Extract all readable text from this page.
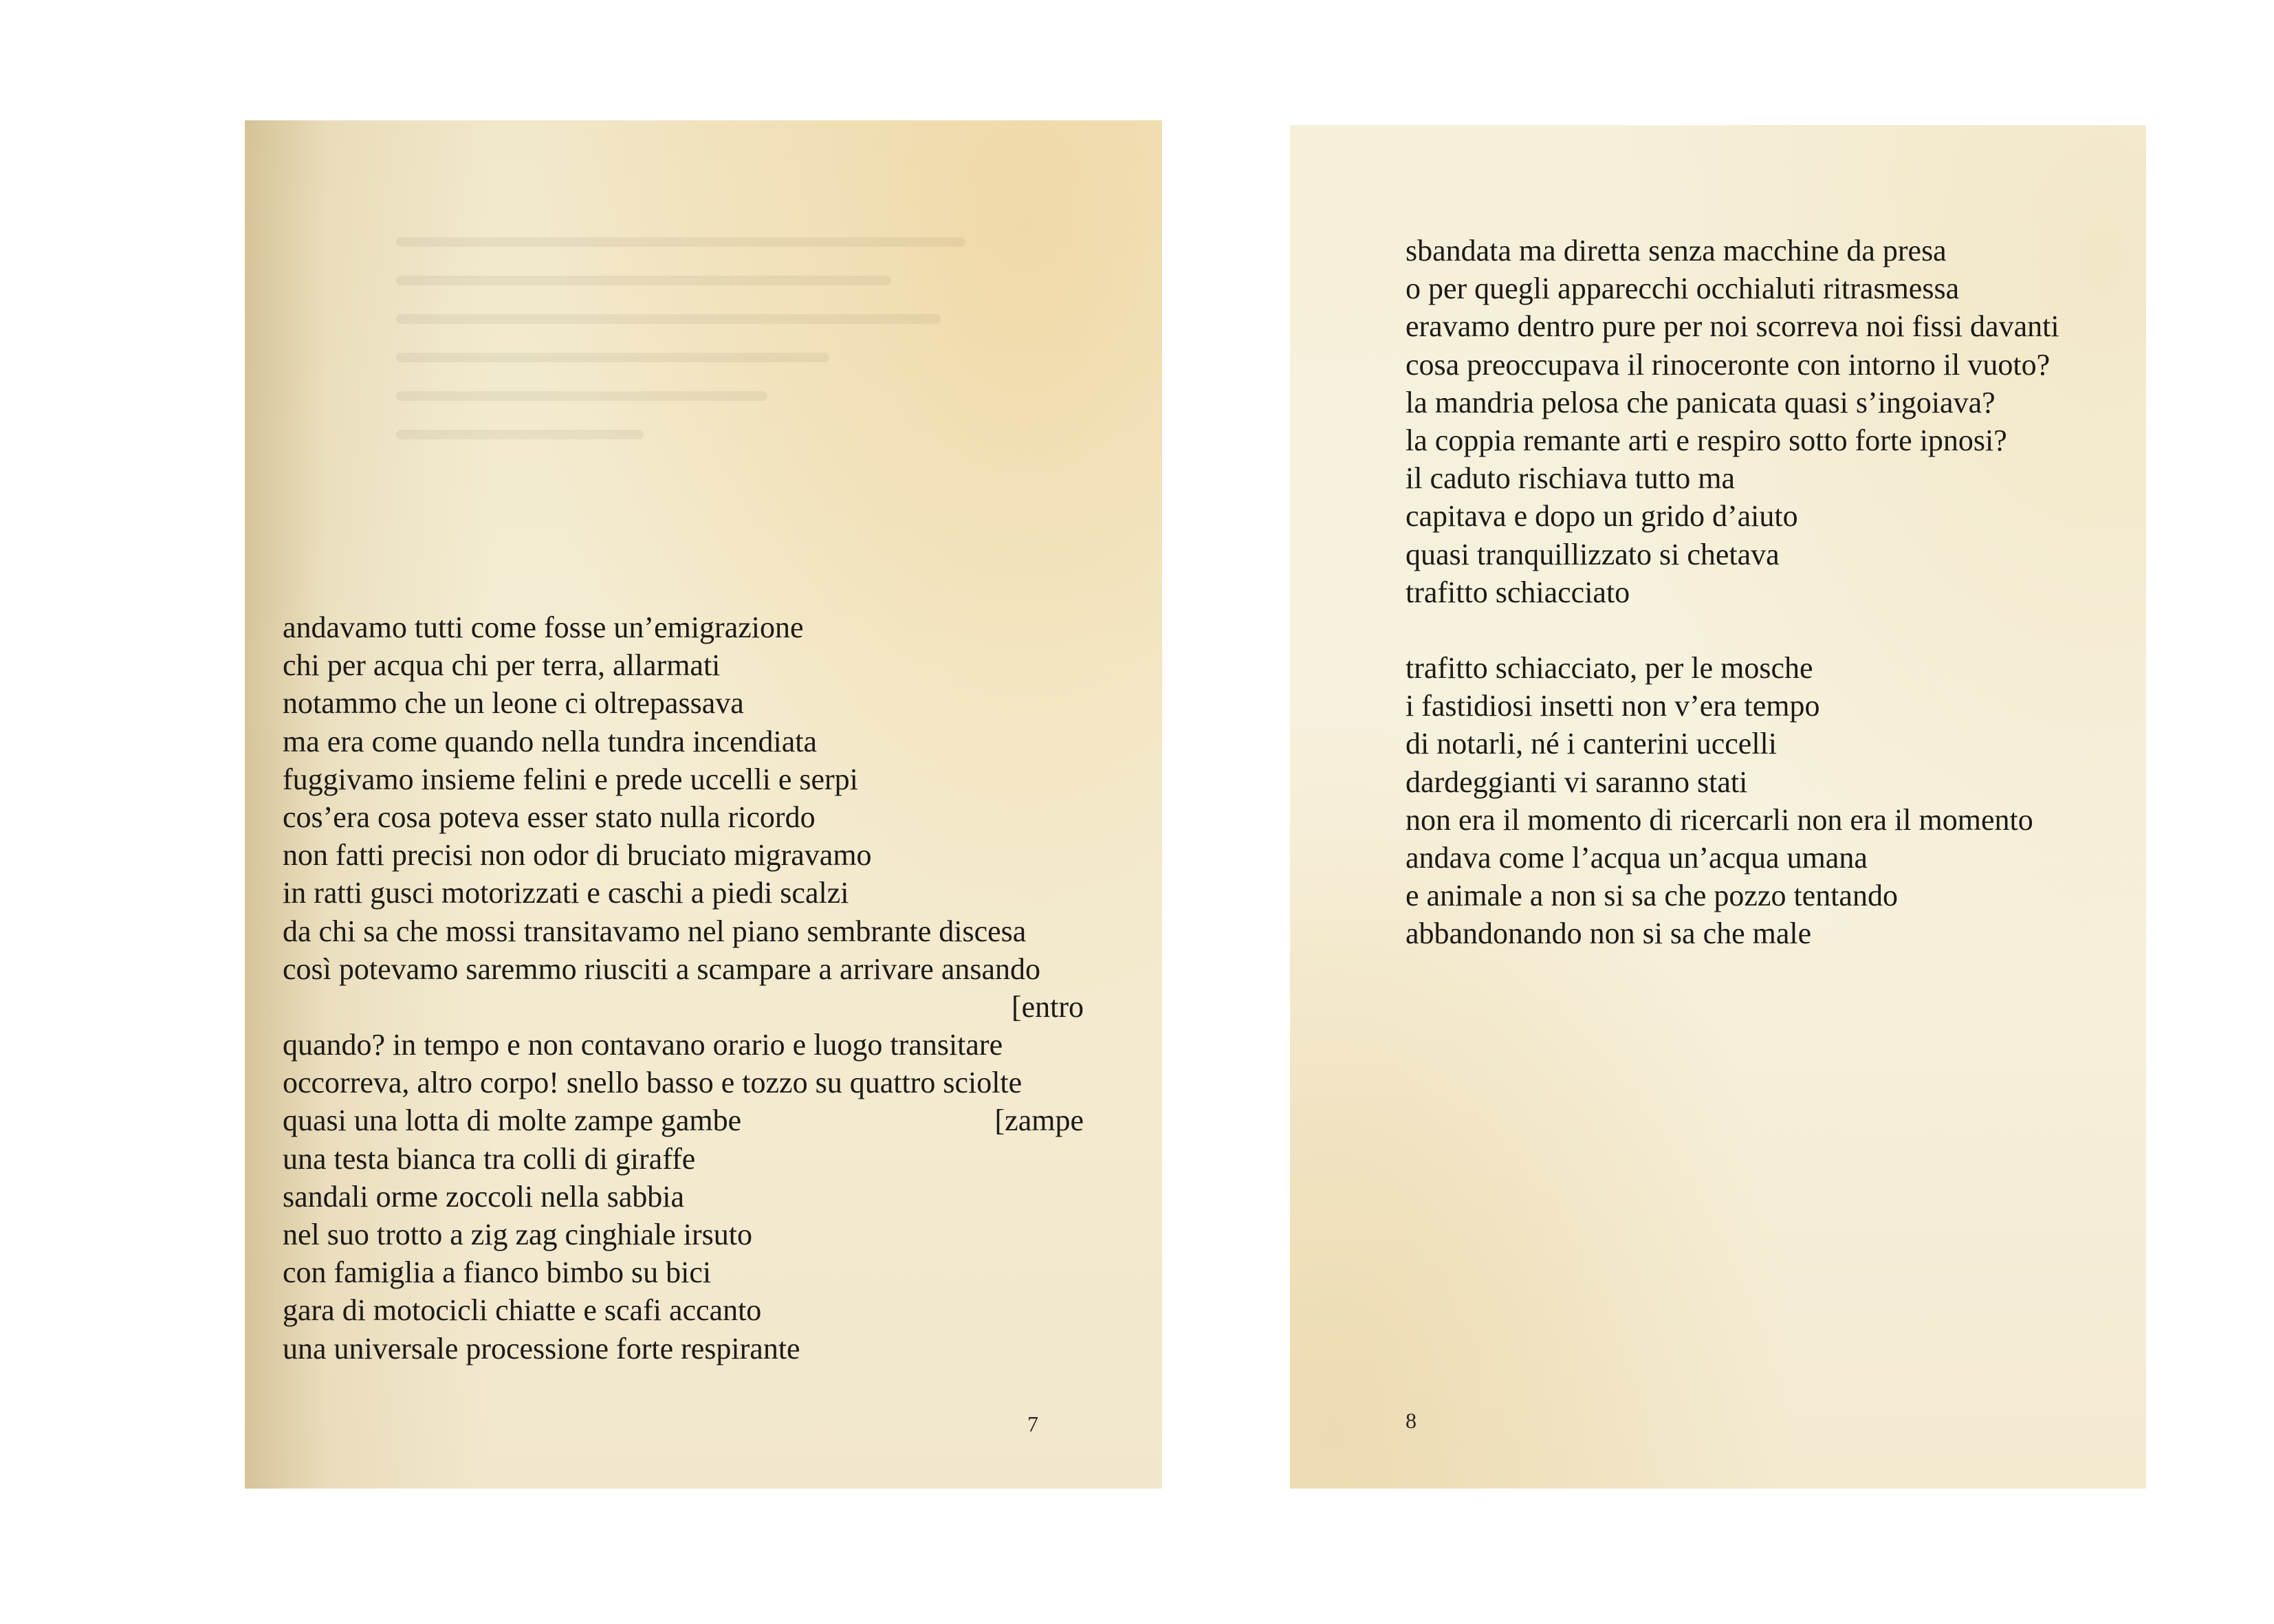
andavamo tutti come fosse un’emigrazione
chi per acqua chi per terra, allarmati
notammo che un leone ci oltrepassava
ma era come quando nella tundra incendiata
fuggivamo insieme felini e prede uccelli e serpi
cos’era cosa poteva esser stato nulla ricordo
non fatti precisi non odor di bruciato migravamo
in ratti gusci motorizzati e caschi a piedi scalzi
da chi sa che mossi transitavamo nel piano sembrante discesa
così potevamo saremmo riusciti a scampare a arrivare ansando
[entro
quando? in tempo e non contavano orario e luogo transitare
occorreva, altro corpo! snello basso e tozzo su quattro sciolte
quasi una lotta di molte zampe gambe	[zampe
una testa bianca tra colli di giraffe
sandali orme zoccoli nella sabbia
nel suo trotto a zig zag cinghiale irsuto
con famiglia a fianco bimbo su bici
gara di motocicli chiatte e scafi accanto
una universale processione forte respirante
7
sbandata ma diretta senza macchine da presa
o per quegli apparecchi occhialuti ritrasmessa
eravamo dentro pure per noi scorreva noi fissi davanti
cosa preoccupava il rinoceronte con intorno il vuoto?
la mandria pelosa che panicata quasi s’ingoiava?
la coppia remante arti e respiro sotto forte ipnosi?
il caduto rischiava tutto ma
capitava e dopo un grido d’aiuto
quasi tranquillizzato si chetava
trafitto schiacciato
trafitto schiacciato, per le mosche
i fastidiosi insetti non v’era tempo
di notarli, né i canterini uccelli
dardeggianti vi saranno stati
non era il momento di ricercarli non era il momento
andava come l’acqua un’acqua umana
e animale a non si sa che pozzo tentando
abbandonando non si sa che male
8
